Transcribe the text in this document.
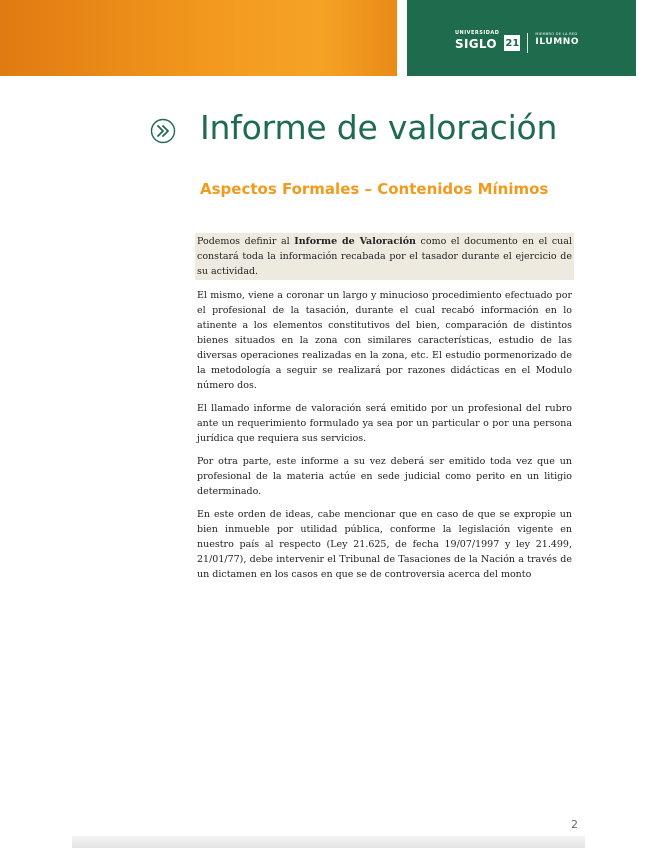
UNIVERSIDAD
SIGLO 21
MIEMBRO DE LA RED
ILUMNO
Informe de valoración
Aspectos Formales – Contenidos Mínimos

Podemos definir al Informe de Valoración como el documento en el cual constará toda la información recabada por el tasador durante el ejercicio de su actividad.

El mismo, viene a coronar un largo y minucioso procedimiento efectuado por el profesional de la tasación, durante el cual recabó información en lo atinente a los elementos constitutivos del bien, comparación de distintos bienes situados en la zona con similares características, estudio de las diversas operaciones realizadas en la zona, etc. El estudio pormenorizado de la metodología a seguir se realizará por razones didácticas en el Modulo número dos.

El llamado informe de valoración será emitido por un profesional del rubro ante un requerimiento formulado ya sea por un particular o por una persona jurídica que requiera sus servicios.

Por otra parte, este informe a su vez deberá ser emitido toda vez que un profesional de la materia actúe en sede judicial como perito en un litigio determinado.

En este orden de ideas, cabe mencionar que en caso de que se expropie un bien inmueble por utilidad pública, conforme la legislación vigente en nuestro país al respecto (Ley 21.625, de fecha 19/07/1997 y ley 21.499, 21/01/77), debe intervenir el Tribunal de Tasaciones de la Nación a través de un dictamen en los casos en que se de controversia acerca del monto

2
